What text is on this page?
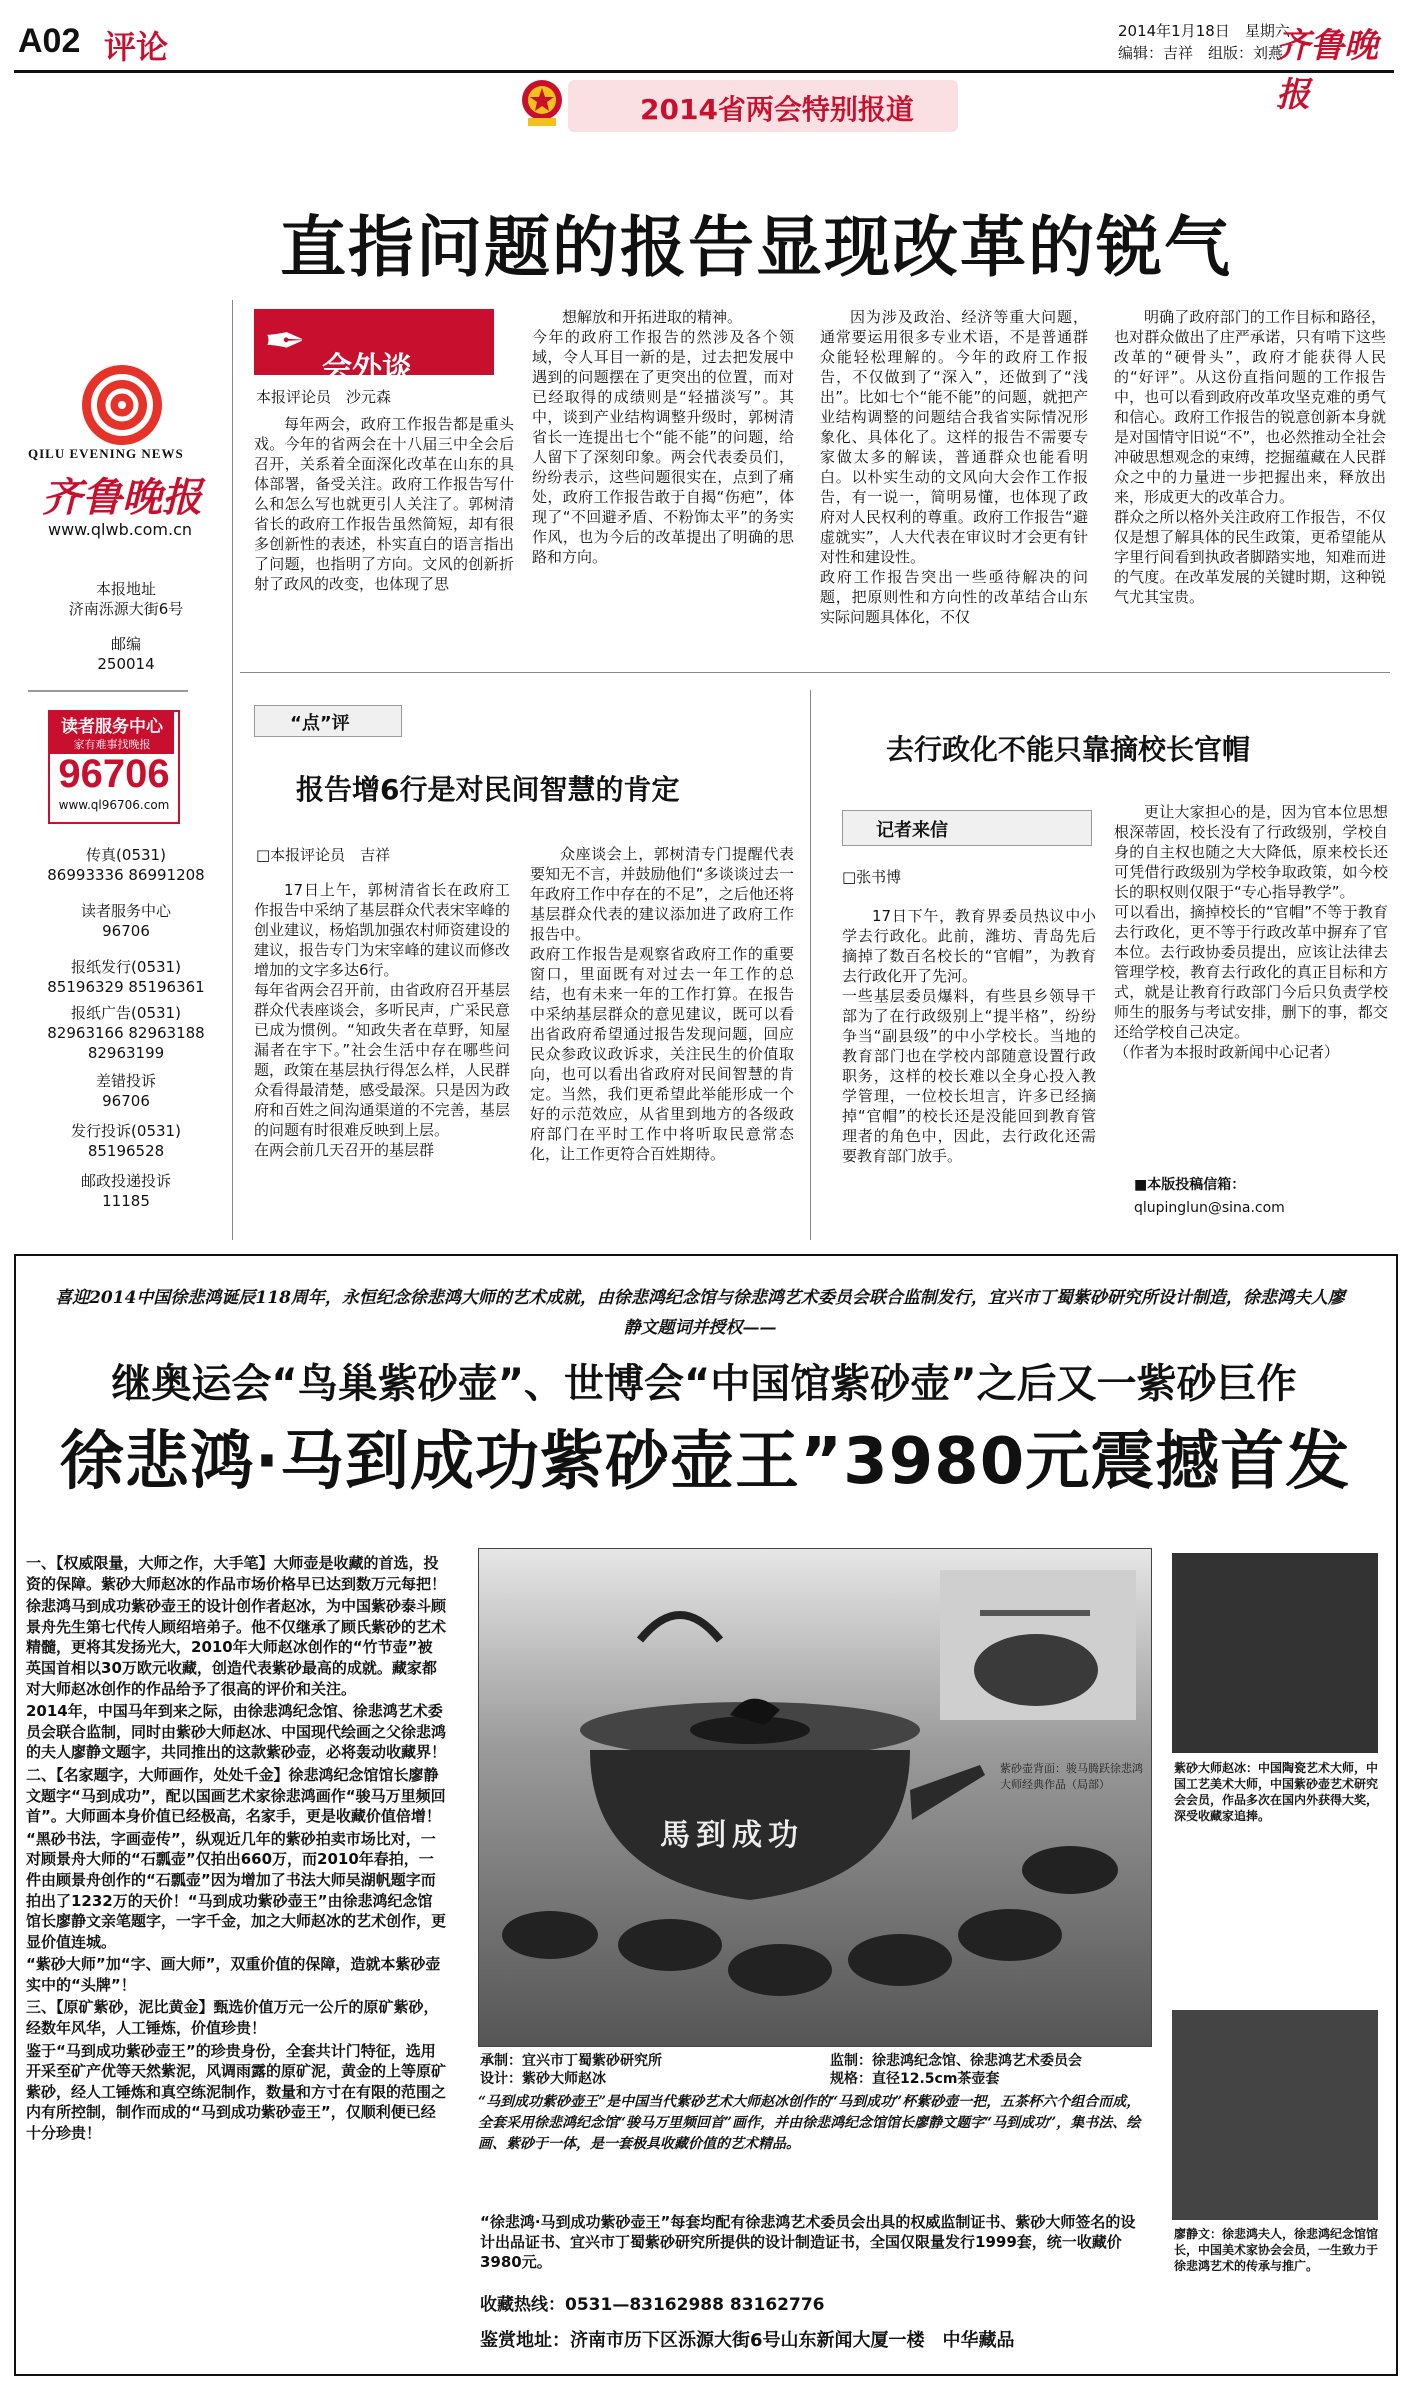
A02 评论	2014年1月18日　 星期六
编辑：吉祥　 组版：刘燕
齐鲁晚报
2014省两会特别报道
直指问题的报告显现改革的锐气
QILU EVENING NEWS
齐鲁晚报
www.qlwb.com.cn
本报地址
济南泺源大街6号
邮编
250014
读者服务中心
家有难事找晚报
96706
www.ql96706.com
传真(0531)
86993336 86991208
读者服务中心
96706
报纸发行(0531)
85196329 85196361
报纸广告(0531)
82963166 82963188
82963199
差错投诉
96706
发行投诉(0531)
85196528
邮政投递投诉
11185
✒ 会外谈
本报评论员　沙元森

每年两会，政府工作报告都是重头戏。今年的省两会在十八届三中全会后召开，关系着全面深化改革在山东的具体部署，备受关注。政府工作报告写什么和怎么写也就更引人关注了。郭树清省长的政府工作报告虽然简短，却有很多创新性的表述，朴实直白的语言指出了问题，也指明了方向。文风的创新折射了政风的改变，也体现了思

想解放和开拓进取的精神。
今年的政府工作报告的然涉及各个领域，令人耳目一新的是，过去把发展中遇到的问题摆在了更突出的位置，而对已经取得的成绩则是“轻描淡写”。其中，谈到产业结构调整升级时，郭树清省长一连提出七个“能不能”的问题，给人留下了深刻印象。两会代表委员们，纷纷表示，这些问题很实在，点到了痛处，政府工作报告敢于自揭“伤疤”，体现了“不回避矛盾、不粉饰太平”的务实作风，也为今后的改革提出了明确的思路和方向。

因为涉及政治、经济等重大问题，通常要运用很多专业术语，不是普通群众能轻松理解的。今年的政府工作报告，不仅做到了“深入”，还做到了“浅出”。比如七个“能不能”的问题，就把产业结构调整的问题结合我省实际情况形象化、具体化了。这样的报告不需要专家做太多的解读，普通群众也能看明白。以朴实生动的文风向大会作工作报告，有一说一，简明易懂，也体现了政府对人民权利的尊重。政府工作报告“避虚就实”，人大代表在审议时才会更有针对性和建设性。
政府工作报告突出一些亟待解决的问题，把原则性和方向性的改革结合山东实际问题具体化，不仅

明确了政府部门的工作目标和路径，也对群众做出了庄严承诺，只有啃下这些改革的“硬骨头”，政府才能获得人民的“好评”。从这份直指问题的工作报告中，也可以看到政府改革攻坚克难的勇气和信心。政府工作报告的锐意创新本身就是对国情守旧说“不”，也必然推动全社会冲破思想观念的束缚，挖掘蕴藏在人民群众之中的力量进一步把握出来，释放出来，形成更大的改革合力。
群众之所以格外关注政府工作报告，不仅仅是想了解具体的民生政策，更希望能从字里行间看到执政者脚踏实地，知难而进的气度。在改革发展的关键时期，这种锐气尤其宝贵。

“点”评
报告增6行是对民间智慧的肯定
□本报评论员　吉祥

17日上午，郭树清省长在政府工作报告中采纳了基层群众代表宋宰峰的创业建议，杨焰凯加强农村师资建设的建议，报告专门为宋宰峰的建议而修改增加的文字多达6行。
每年省两会召开前，由省政府召开基层群众代表座谈会，多听民声，广采民意已成为惯例。“知政失者在草野，知屋漏者在宇下。”社会生活中存在哪些问题，政策在基层执行得怎么样，人民群众看得最清楚，感受最深。只是因为政府和百姓之间沟通渠道的不完善，基层的问题有时很难反映到上层。
在两会前几天召开的基层群

众座谈会上，郭树清专门提醒代表要知无不言，并鼓励他们“多谈谈过去一年政府工作中存在的不足”，之后他还将基层群众代表的建议添加进了政府工作报告中。
政府工作报告是观察省政府工作的重要窗口，里面既有对过去一年工作的总结，也有未来一年的工作打算。在报告中采纳基层群众的意见建议，既可以看出省政府希望通过报告发现问题，回应民众参政议政诉求，关注民生的价值取向，也可以看出省政府对民间智慧的肯定。当然，我们更希望此举能形成一个好的示范效应，从省里到地方的各级政府部门在平时工作中将听取民意常态化，让工作更符合百姓期待。

去行政化不能只靠摘校长官帽
记者来信
□张书博

17日下午，教育界委员热议中小学去行政化。此前，潍坊、青岛先后摘掉了数百名校长的“官帽”，为教育去行政化开了先河。
一些基层委员爆料，有些县乡领导干部为了在行政级别上“提半格”，纷纷争当“副县级”的中小学校长。当地的教育部门也在学校内部随意设置行政职务，这样的校长难以全身心投入教学管理，一位校长坦言，许多已经摘掉“官帽”的校长还是没能回到教育管理者的角色中，因此，去行政化还需要教育部门放手。

更让大家担心的是，因为官本位思想根深蒂固，校长没有了行政级别，学校自身的自主权也随之大大降低，原来校长还可凭借行政级别为学校争取政策，如今校长的职权则仅限于“专心指导教学”。
可以看出，摘掉校长的“官帽”不等于教育去行政化，更不等于行政改革中摒弃了官本位。去行政协委员提出，应该让法律去管理学校，教育去行政化的真正目标和方式，就是让教育行政部门今后只负责学校师生的服务与考试安排，删下的事，都交还给学校自己决定。
（作者为本报时政新闻中心记者）

■本版投稿信箱：
qlupinglun@sina.com
喜迎2014中国徐悲鸿诞辰118周年，永恒纪念徐悲鸿大师的艺术成就，由徐悲鸿纪念馆与徐悲鸿艺术委员会联合监制发行，宜兴市丁蜀紫砂研究所设计制造，徐悲鸿夫人廖静文题词并授权——
继奥运会“鸟巢紫砂壶”、世博会“中国馆紫砂壶”之后又一紫砂巨作
徐悲鸿·马到成功紫砂壶王”3980元震撼首发

一、【权威限量，大师之作，大手笔】大师壶是收藏的首选，投资的保障。紫砂大师赵冰的作品市场价格早已达到数万元每把！

徐悲鸿马到成功紫砂壶王的设计创作者赵冰，为中国紫砂泰斗顾景舟先生第七代传人顾绍培弟子。他不仅继承了顾氏紫砂的艺术精髓，更将其发扬光大，2010年大师赵冰创作的“竹节壶”被英国首相以30万欧元收藏，创造代表紫砂最高的成就。藏家都对大师赵冰创作的作品给予了很高的评价和关注。

2014年，中国马年到来之际，由徐悲鸿纪念馆、徐悲鸿艺术委员会联合监制，同时由紫砂大师赵冰、中国现代绘画之父徐悲鸿的夫人廖静文题字，共同推出的这款紫砂壶，必将轰动收藏界！

二、【名家题字，大师画作，处处千金】徐悲鸿纪念馆馆长廖静文题字“马到成功”，配以国画艺术家徐悲鸿画作“骏马万里频回首”。大师画本身价值已经极高，名家手，更是收藏价值倍增！

“黑砂书法，字画壶传”，纵观近几年的紫砂拍卖市场比对，一对顾景舟大师的“石瓢壶”仅拍出660万，而2010年春拍，一件由顾景舟创作的“石瓢壶”因为增加了书法大师吴湖帆题字而拍出了1232万的天价！“马到成功紫砂壶王”由徐悲鸿纪念馆馆长廖静文亲笔题字，一字千金，加之大师赵冰的艺术创作，更显价值连城。

“紫砂大师”加“字、画大师”，双重价值的保障，造就本紫砂壶实中的“头牌”！

三、【原矿紫砂，泥比黄金】甄选价值万元一公斤的原矿紫砂，经数年风华，人工锤炼，价值珍贵！

鉴于“马到成功紫砂壶王”的珍贵身份，全套共计门特征，选用开采至矿产优等天然紫泥，风调雨露的原矿泥，黄金的上等原矿紫砂，经人工锤炼和真空练泥制作，数量和方寸在有限的范围之内有所控制，制作而成的“马到成功紫砂壶王”，仅顺利便已经十分珍贵！

紫砂壶背面：骏马腾跃徐悲鸿大师经典作品（局部）
馬到成功
承制：宜兴市丁蜀紫砂研究所
设计：紫砂大师赵冰
监制：徐悲鸿纪念馆、徐悲鸿艺术委员会
规格：直径12.5cm茶壶套
“马到成功紫砂壶王”是中国当代紫砂艺术大师赵冰创作的“马到成功”杯紫砂壶一把，五茶杯六个组合而成，全套采用徐悲鸿纪念馆“骏马万里频回首”画作，并由徐悲鸿纪念馆馆长廖静文题字“马到成功”，集书法、绘画、紫砂于一体，是一套极具收藏价值的艺术精品。
“徐悲鸿·马到成功紫砂壶王”每套均配有徐悲鸿艺术委员会出具的权威监制证书、紫砂大师签名的设计出品证书、宜兴市丁蜀紫砂研究所提供的设计制造证书，全国仅限量发行1999套，统一收藏价3980元。
收藏热线：0531—83162988 83162776
鉴赏地址：济南市历下区泺源大街6号山东新闻大厦一楼　中华藏品
紫砂大师赵冰：中国陶瓷艺术大师，中国工艺美术大师，中国紫砂壶艺术研究会会员，作品多次在国内外获得大奖，深受收藏家追捧。
廖静文：徐悲鸿夫人，徐悲鸿纪念馆馆长，中国美术家协会会员，一生致力于徐悲鸿艺术的传承与推广。
